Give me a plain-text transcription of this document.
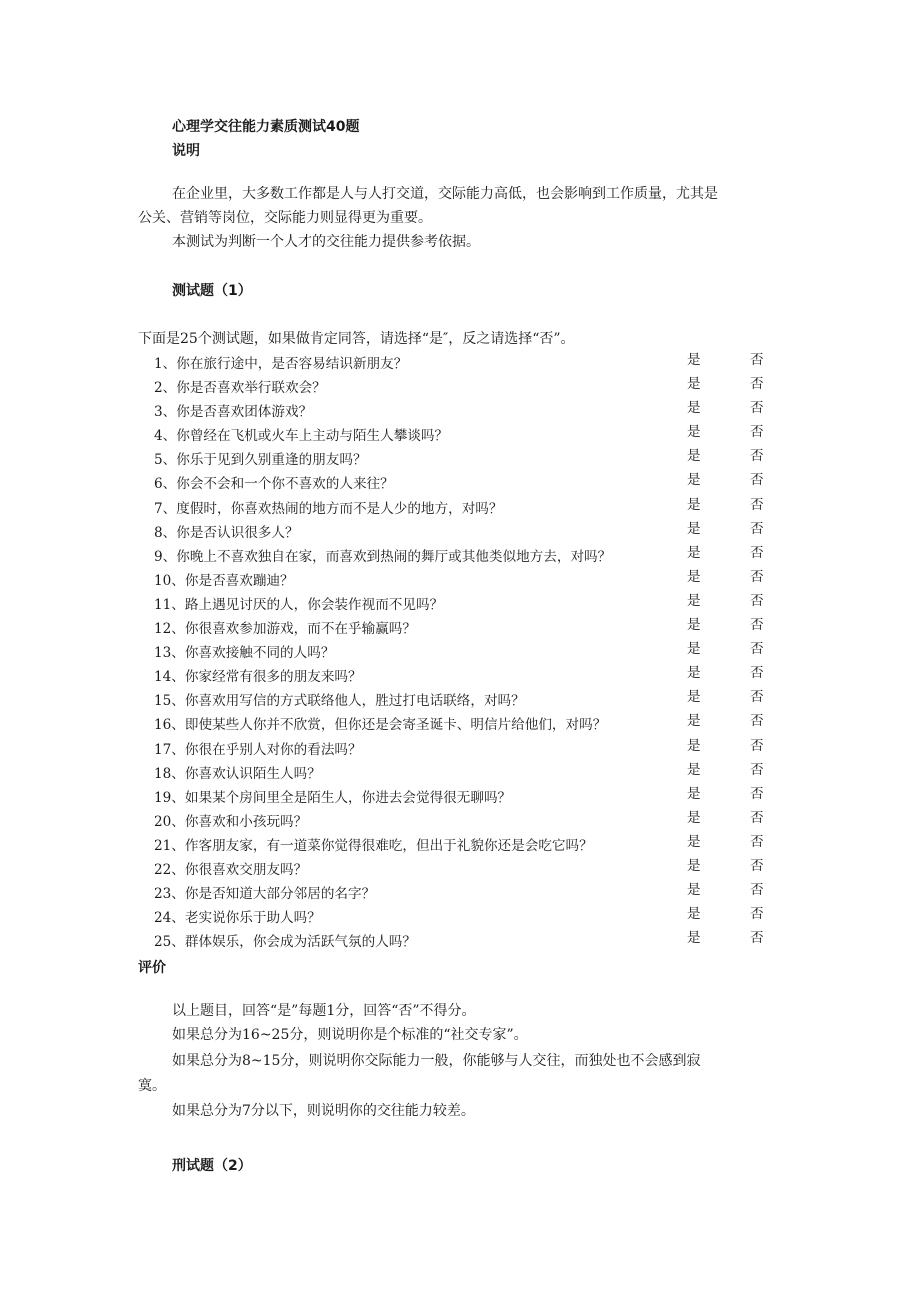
心理学交往能力素质测试40题
说明
在企业里，大多数工作都是人与人打交道，交际能力高低，也会影响到工作质量，尤其是
公关、营销等岗位，交际能力则显得更为重要。
本测试为判断一个人才的交往能力提供参考依据。
测试题（1）
下面是25个测试题，如果做肯定同答，请选择“是″，反之请选择“否”。
1、你在旅行途中，是否容易结识新朋友？	是	否
2、你是否喜欢举行联欢会？	是	否
3、你是否喜欢团体游戏？	是	否
4、你曾经在飞机或火车上主动与陌生人攀谈吗？	是	否
5、你乐于见到久别重逢的朋友吗？	是	否
6、你会不会和一个你不喜欢的人来往？	是	否
7、度假时，你喜欢热闹的地方而不是人少的地方，对吗？	是	否
8、你是否认识很多人？	是	否
9、你晚上不喜欢独自在家，而喜欢到热闹的舞厅或其他类似地方去，对吗？	是	否
10、你是否喜欢蹦迪？	是	否
11、路上遇见讨厌的人，你会装作视而不见吗？	是	否
12、你很喜欢参加游戏，而不在乎输赢吗？	是	否
13、你喜欢接触不同的人吗？	是	否
14、你家经常有很多的朋友来吗？	是	否
15、你喜欢用写信的方式联络他人，胜过打电话联络，对吗？	是	否
16、即使某些人你并不欣赏，但你还是会寄圣诞卡、明信片给他们，对吗？	是	否
17、你很在乎别人对你的看法吗？	是	否
18、你喜欢认识陌生人吗？	是	否
19、如果某个房间里全是陌生人，你进去会觉得很无聊吗？	是	否
20、你喜欢和小孩玩吗？	是	否
21、作客朋友家，有一道菜你觉得很难吃，但出于礼貌你还是会吃它吗？	是	否
22、你很喜欢交朋友吗？	是	否
23、你是否知道大部分邻居的名字？	是	否
24、老实说你乐于助人吗？	是	否
25、群体娱乐，你会成为活跃气氛的人吗？	是	否
评价
以上题目，回答“是”每题1分，回答“否”不得分。
如果总分为16~25分，则说明你是个标准的“社交专家”。
如果总分为8~15分，则说明你交际能力一般，你能够与人交往，而独处也不会感到寂
寞。
如果总分为7分以下，则说明你的交往能力较差。
刑试题（2）
